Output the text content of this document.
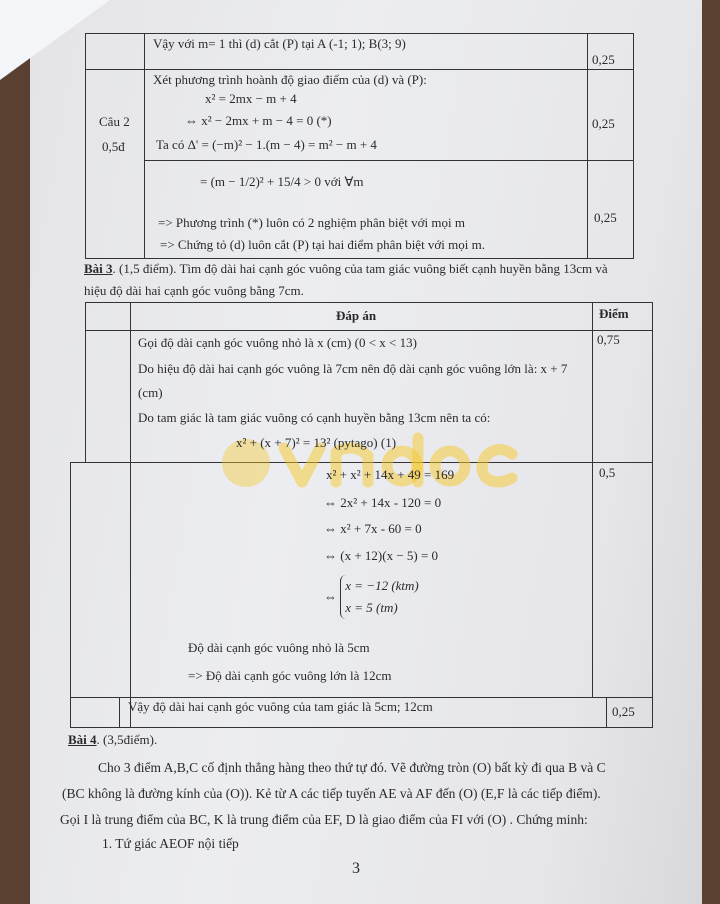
Vậy với m= 1 thì (d) cắt (P) tại A (-1; 1); B(3; 9)
0,25
Câu 2
0,5đ
Xét phương trình hoành độ giao điểm của (d) và (P):
x² = 2mx − m + 4
⇔ x² − 2mx + m − 4 = 0 (*)
Ta có Δ' = (−m)² − 1.(m − 4) = m² − m + 4
0,25
= (m − 1/2)² + 15/4 > 0 với ∀m
=> Phương trình (*) luôn có 2 nghiệm phân biệt với mọi m
=> Chứng tỏ (d) luôn cắt (P) tại hai điểm phân biệt với mọi m.
0,25
Bài 3. (1,5 điểm). Tìm độ dài hai cạnh góc vuông của tam giác vuông biết cạnh huyền bằng 13cm và
hiệu độ dài hai cạnh góc vuông bằng 7cm.
Đáp án	Điểm
Gọi độ dài cạnh góc vuông nhỏ là x (cm) (0 < x < 13)
Do hiệu độ dài hai cạnh góc vuông là 7cm nên độ dài cạnh góc vuông lớn là: x + 7
(cm)
Do tam giác là tam giác vuông có cạnh huyền bằng 13cm nên ta có:
x² + (x + 7)² = 13² (pytago) (1)
0,75
x² + x² + 14x + 49 = 169
⇔ 2x² + 14x - 120 = 0
⇔ x² + 7x - 60 = 0
⇔ (x + 12)(x − 5) = 0
⇔ x = −12 (ktm)
x = 5 (tm)
Độ dài cạnh góc vuông nhỏ là 5cm
=> Độ dài cạnh góc vuông lớn là 12cm
0,5
Vậy độ dài hai cạnh góc vuông của tam giác là 5cm; 12cm	0,25
Bài 4. (3,5điểm).
Cho 3 điểm A,B,C cố định thẳng hàng theo thứ tự đó. Vẽ đường tròn (O) bất kỳ đi qua B và C
(BC không là đường kính của (O)). Kẻ từ A các tiếp tuyến AE và AF đến (O) (E,F là các tiếp điểm).
Gọi I là trung điểm của BC, K là trung điểm của EF, D là giao điểm của FI với (O) . Chứng minh:
1. Tứ giác AEOF nội tiếp
3
